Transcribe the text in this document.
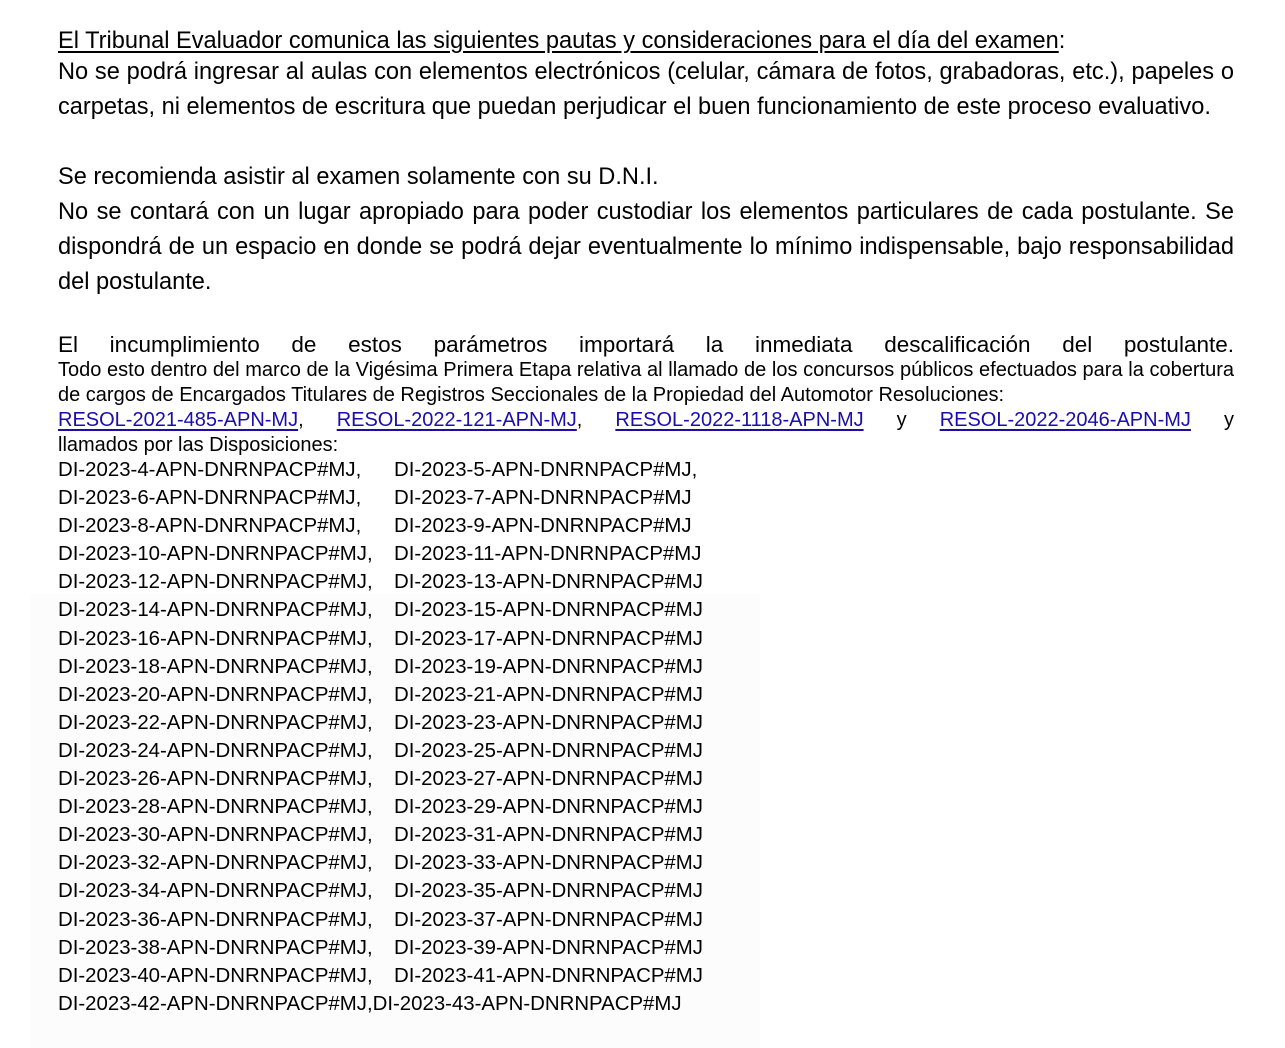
El Tribunal Evaluador comunica las siguientes pautas y consideraciones para el día del examen:

No se podrá ingresar al aulas con elementos electrónicos (celular, cámara de fotos, grabadoras, etc.), papeles o carpetas, ni elementos de escritura que puedan perjudicar el buen funcionamiento de este proceso evaluativo.

Se recomienda asistir al examen solamente con su D.N.I.

No se contará con un lugar apropiado para poder custodiar los elementos particulares de cada postulante. Se dispondrá de un espacio en donde se podrá dejar eventualmente lo mínimo indispensable, bajo responsabilidad del postulante.

El incumplimiento de estos parámetros importará la inmediata descalificación del postulante.

Todo esto dentro del marco de la Vigésima Primera Etapa relativa al llamado de los concursos públicos efectuados para la cobertura de cargos de Encargados Titulares de Registros Seccionales de la Propiedad del Automotor Resoluciones:

RESOL-2021-485-APN-MJ, RESOL-2022-121-APN-MJ, RESOL-2022-1118-APN-MJ y RESOL-2022-2046-APN-MJ y

llamados por las Disposiciones:

DI-2023-4-APN-DNRNPACP#MJ, DI-2023-5-APN-DNRNPACP#MJ,
DI-2023-6-APN-DNRNPACP#MJ, DI-2023-7-APN-DNRNPACP#MJ
DI-2023-8-APN-DNRNPACP#MJ, DI-2023-9-APN-DNRNPACP#MJ
DI-2023-10-APN-DNRNPACP#MJ, DI-2023-11-APN-DNRNPACP#MJ
DI-2023-12-APN-DNRNPACP#MJ, DI-2023-13-APN-DNRNPACP#MJ
DI-2023-14-APN-DNRNPACP#MJ, DI-2023-15-APN-DNRNPACP#MJ
DI-2023-16-APN-DNRNPACP#MJ, DI-2023-17-APN-DNRNPACP#MJ
DI-2023-18-APN-DNRNPACP#MJ, DI-2023-19-APN-DNRNPACP#MJ
DI-2023-20-APN-DNRNPACP#MJ, DI-2023-21-APN-DNRNPACP#MJ
DI-2023-22-APN-DNRNPACP#MJ, DI-2023-23-APN-DNRNPACP#MJ
DI-2023-24-APN-DNRNPACP#MJ, DI-2023-25-APN-DNRNPACP#MJ
DI-2023-26-APN-DNRNPACP#MJ, DI-2023-27-APN-DNRNPACP#MJ
DI-2023-28-APN-DNRNPACP#MJ, DI-2023-29-APN-DNRNPACP#MJ
DI-2023-30-APN-DNRNPACP#MJ, DI-2023-31-APN-DNRNPACP#MJ
DI-2023-32-APN-DNRNPACP#MJ, DI-2023-33-APN-DNRNPACP#MJ
DI-2023-34-APN-DNRNPACP#MJ, DI-2023-35-APN-DNRNPACP#MJ
DI-2023-36-APN-DNRNPACP#MJ, DI-2023-37-APN-DNRNPACP#MJ
DI-2023-38-APN-DNRNPACP#MJ, DI-2023-39-APN-DNRNPACP#MJ
DI-2023-40-APN-DNRNPACP#MJ, DI-2023-41-APN-DNRNPACP#MJ
DI-2023-42-APN-DNRNPACP#MJ,DI-2023-43-APN-DNRNPACP#MJ
